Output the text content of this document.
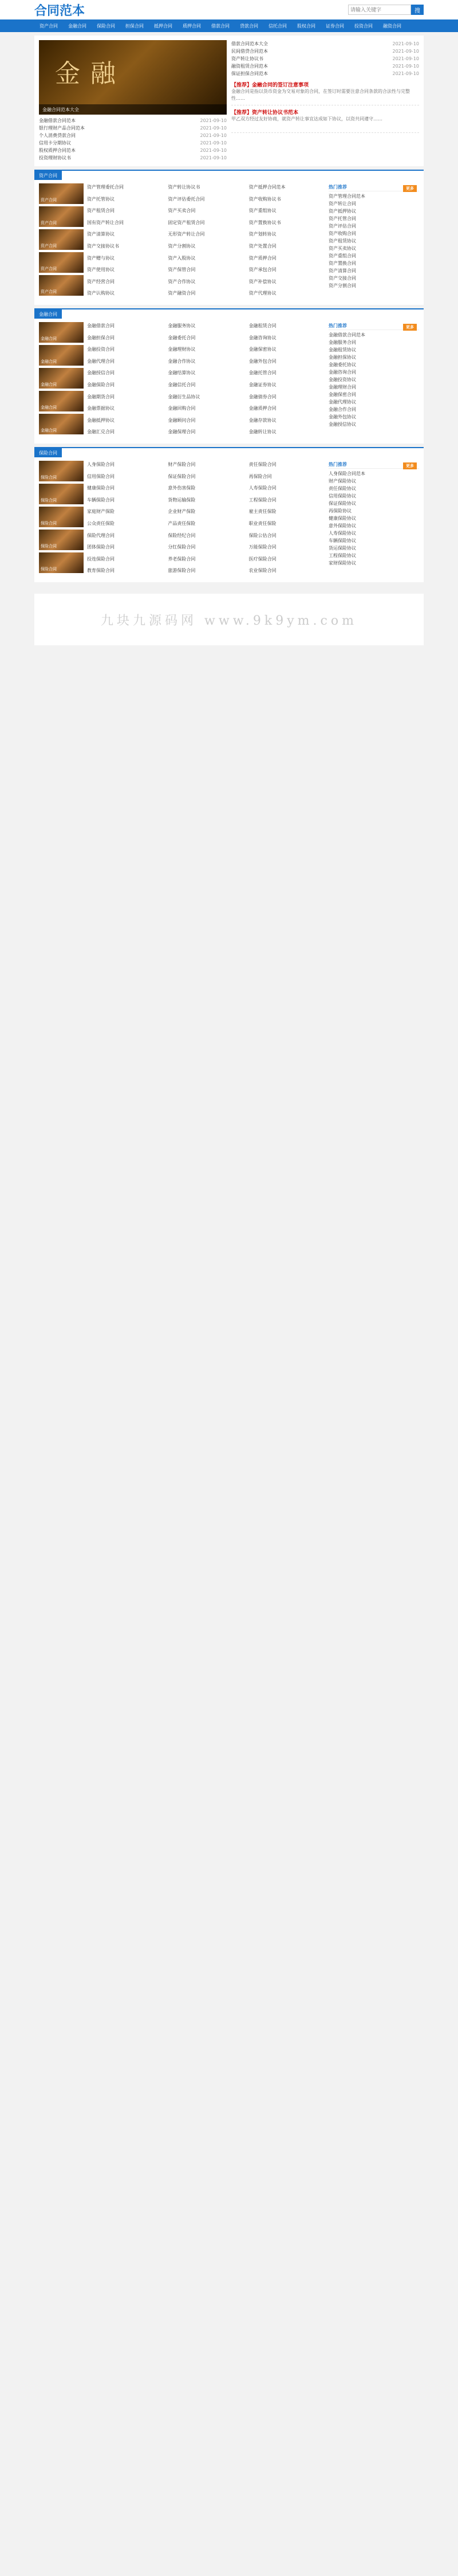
合同范本
请输入关键字	搜
资产合同	金融合同	保险合同	担保合同	抵押合同	质押合同	借款合同	贷款合同	信托合同	股权合同	证券合同	投资合同	融资合同
金融
金融合同范本大全
金融借款合同范本	2021-09-10
银行理财产品合同范本	2021-09-10
个人消费贷款合同	2021-09-10
信用卡分期协议	2021-09-10
股权质押合同范本	2021-09-10
投资理财协议书	2021-09-10
借款合同范本大全	2021-09-10
民间借贷合同范本	2021-09-10
资产转让协议书	2021-09-10
融资租赁合同范本	2021-09-10
保证担保合同范本	2021-09-10
【推荐】金融合同的签订注意事项

金融合同是指以货币资金为交易对象的合同，在签订时需要注意合同条款的合法性与完整性……

【推荐】资产转让协议书范本

甲乙双方经过友好协商，就资产转让事宜达成如下协议，以资共同遵守……

资产合同
资产合同
资产合同
资产合同
资产合同
资产合同
资产管理委托合同	资产转让协议书	资产抵押合同范本
资产托管协议	资产评估委托合同	资产收购协议书
资产租赁合同	资产买卖合同	资产重组协议
国有资产转让合同	固定资产租赁合同	资产置换协议书
资产清算协议	无形资产转让合同	资产划转协议
资产交接协议书	资产分割协议	资产处置合同
资产赠与协议	资产入股协议	资产质押合同
资产使用协议	资产保管合同	资产承包合同
资产经营合同	资产合作协议	资产补偿协议
资产认购协议	资产融资合同	资产代理协议
热门推荐	更多
资产管理合同范本
资产转让合同
资产抵押协议
资产托管合同
资产评估合同
资产收购合同
资产租赁协议
资产买卖协议
资产重组合同
资产置换合同
资产清算合同
资产交接合同
资产分割合同
金融合同
金融合同
金融合同
金融合同
金融合同
金融合同
金融借款合同	金融服务协议	金融租赁合同
金融担保合同	金融委托合同	金融咨询协议
金融投资合同	金融理财协议	金融保密协议
金融代理合同	金融合作协议	金融外包合同
金融授信合同	金融结算协议	金融托管合同
金融保险合同	金融信托合同	金融证券协议
金融期货合同	金融衍生品协议	金融债券合同
金融票据协议	金融回购合同	金融质押合同
金融抵押协议	金融顾问合同	金融存款协议
金融汇兑合同	金融保理合同	金融转让协议
热门推荐	更多
金融借款合同范本
金融服务合同
金融租赁协议
金融担保协议
金融委托协议
金融咨询合同
金融投资协议
金融理财合同
金融保密合同
金融代理协议
金融合作合同
金融外包协议
金融授信协议
保险合同
保险合同
保险合同
保险合同
保险合同
保险合同
人身保险合同	财产保险合同	责任保险合同
信用保险合同	保证保险合同	再保险合同
健康保险合同	意外伤害保险	人寿保险合同
车辆保险合同	货物运输保险	工程保险合同
家庭财产保险	企业财产保险	雇主责任保险
公众责任保险	产品责任保险	职业责任保险
保险代理合同	保险经纪合同	保险公估合同
团体保险合同	分红保险合同	万能保险合同
投连保险合同	养老保险合同	医疗保险合同
教育保险合同	旅游保险合同	农业保险合同
热门推荐	更多
人身保险合同范本
财产保险协议
责任保险协议
信用保险协议
保证保险协议
再保险协议
健康保险协议
意外保险协议
人寿保险协议
车辆保险协议
货运保险协议
工程保险协议
家财保险协议
九块九源码网 www.9k9ym.com
